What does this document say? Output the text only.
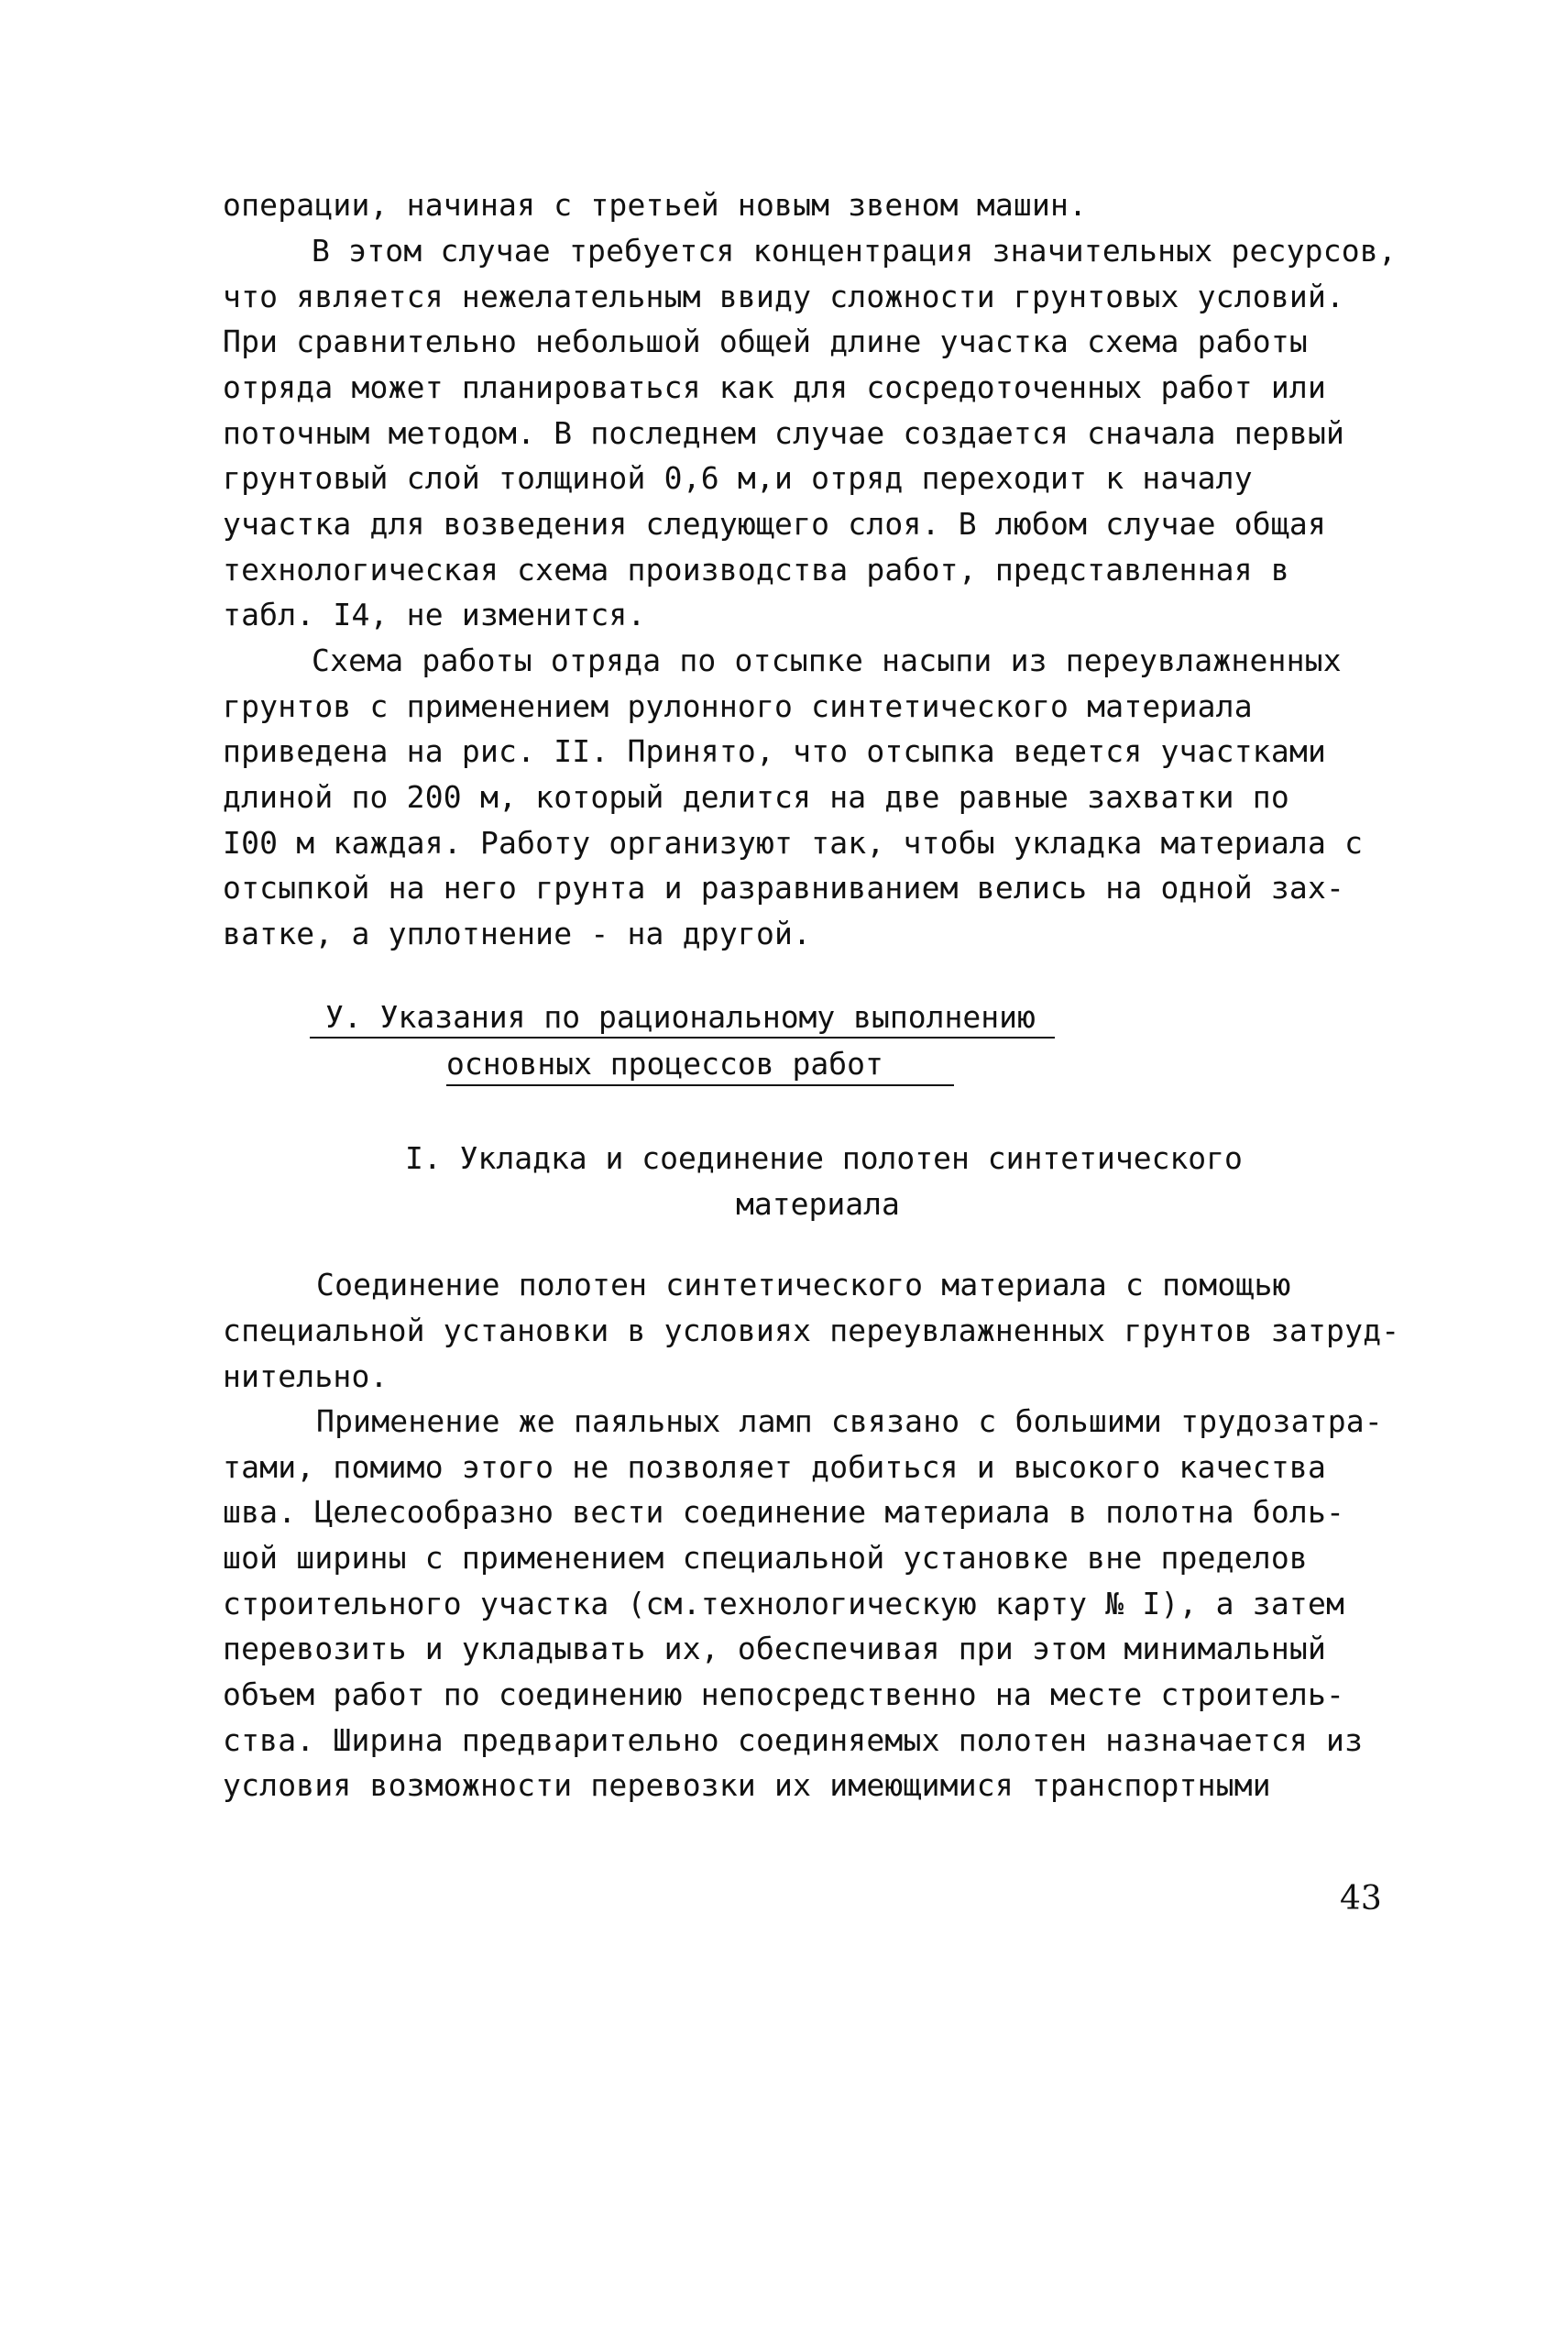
операции, начиная с третьей новым звеном машин.
В этом случае требуется концентрация значительных ресурсов,
что является нежелательным ввиду сложности грунтовых условий.
При сравнительно небольшой общей длине участка схема работы
отряда может планироваться как для сосредоточенных работ или
поточным методом. В последнем случае создается сначала первый
грунтовый слой толщиной 0,6 м,и отряд переходит к началу
участка для возведения следующего слоя. В любом случае общая
технологическая схема производства работ, представленная в
табл. I4, не изменится.
Схема работы отряда по отсыпке насыпи из переувлажненных
грунтов с применением рулонного синтетического материала
приведена на рис. II. Принято, что отсыпка ведется участками
длиной по 200 м, который делится на две равные захватки по
I00 м каждая. Работу организуют так, чтобы укладка материала с
отсыпкой на него грунта и разравниванием велись на одной зах-
ватке, а уплотнение - на другой.
У. Указания по рациональному выполнению
основных процессов работ
I. Укладка и соединение полотен синтетического
материала
Соединение полотен синтетического материала с помощью
специальной установки в условиях переувлажненных грунтов затруд-
нительно.
Применение же паяльных ламп связано с большими трудозатра-
тами, помимо этого не позволяет добиться и высокого качества
шва. Целесообразно вести соединение материала в полотна боль-
шой ширины с применением специальной установке вне пределов
строительного участка (см.технологическую карту № I), а затем
перевозить и укладывать их, обеспечивая при этом минимальный
объем работ по соединению непосредственно на месте строитель-
ства. Ширина предварительно соединяемых полотен назначается из
условия возможности перевозки их имеющимися транспортными
43
